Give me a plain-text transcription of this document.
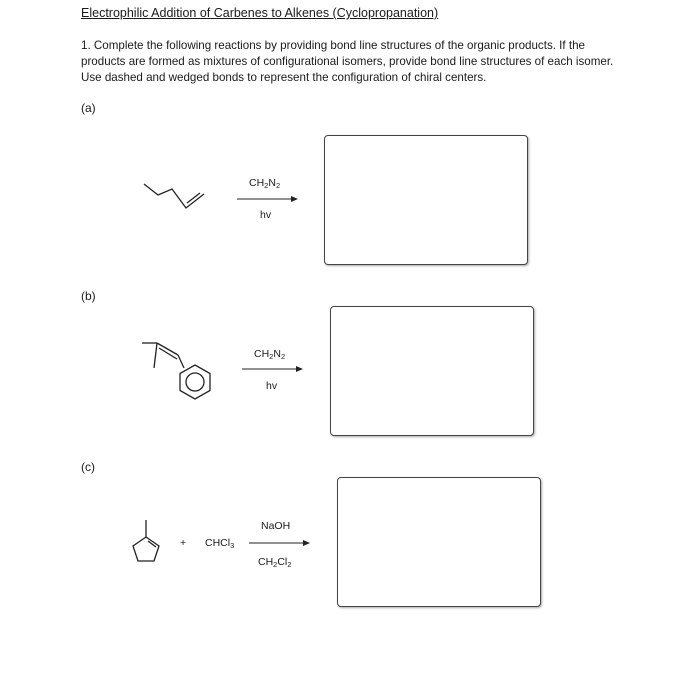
Electrophilic Addition of Carbenes to Alkenes (Cyclopropanation)
1. Complete the following reactions by providing bond line structures of the organic products. If the products are formed as mixtures of configurational isomers, provide bond line structures of each isomer. Use dashed and wedged bonds to represent the configuration of chiral centers.
(a)
$CH_2N_2$
hv
(b)
$CH_2N_2$
hv
(c)
+ CHCl$_3$
NaOH
$CH_2Cl_2$
